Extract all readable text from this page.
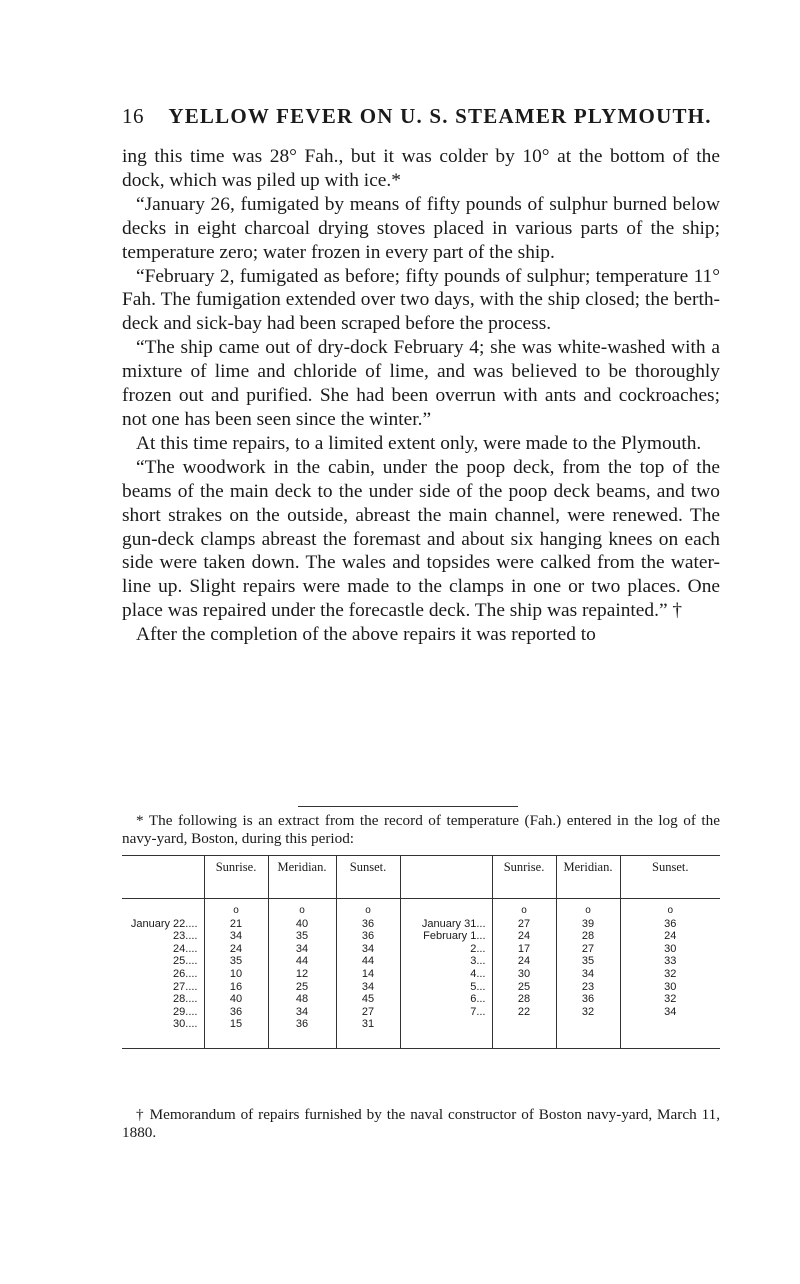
16	YELLOW FEVER ON U. S. STEAMER PLYMOUTH.

ing this time was 28° Fah., but it was colder by 10° at the bottom of the dock, which was piled up with ice.*

“January 26, fumigated by means of fifty pounds of sulphur burned below decks in eight charcoal drying stoves placed in various parts of the ship; temperature zero; water frozen in every part of the ship.

“February 2, fumigated as before; fifty pounds of sulphur; temperature 11° Fah. The fumigation extended over two days, with the ship closed; the berth-deck and sick-bay had been scraped before the process.

“The ship came out of dry-dock February 4; she was white-washed with a mixture of lime and chloride of lime, and was believed to be thoroughly frozen out and purified. She had been overrun with ants and cockroaches; not one has been seen since the winter.”

At this time repairs, to a limited extent only, were made to the Plymouth.

“The woodwork in the cabin, under the poop deck, from the top of the beams of the main deck to the under side of the poop deck beams, and two short strakes on the outside, abreast the main channel, were renewed. The gun-deck clamps abreast the foremast and about six hanging knees on each side were taken down. The wales and topsides were calked from the water-line up. Slight repairs were made to the clamps in one or two places. One place was repaired under the forecastle deck. The ship was repainted.” †

After the completion of the above repairs it was reported to

* The following is an extract from the record of temperature (Fah.) entered in the log of the navy-yard, Boston, during this period:
	Sunrise.	Meridian.	Sunset.		Sunrise.	Meridian.	Sunset.
	o	o	o		o	o	o
January 22....	21	40	36	January 31...	27	39	36
23....	34	35	36	February 1...	24	28	24
24....	24	34	34	2...	17	27	30
25....	35	44	44	3...	24	35	33
26....	10	12	14	4...	30	34	32
27....	16	25	34	5...	25	23	30
28....	40	48	45	6...	28	36	32
29....	36	34	27	7...	22	32	34
30....	15	36	31				

† Memorandum of repairs furnished by the naval constructor of Boston navy-yard, March 11, 1880.
